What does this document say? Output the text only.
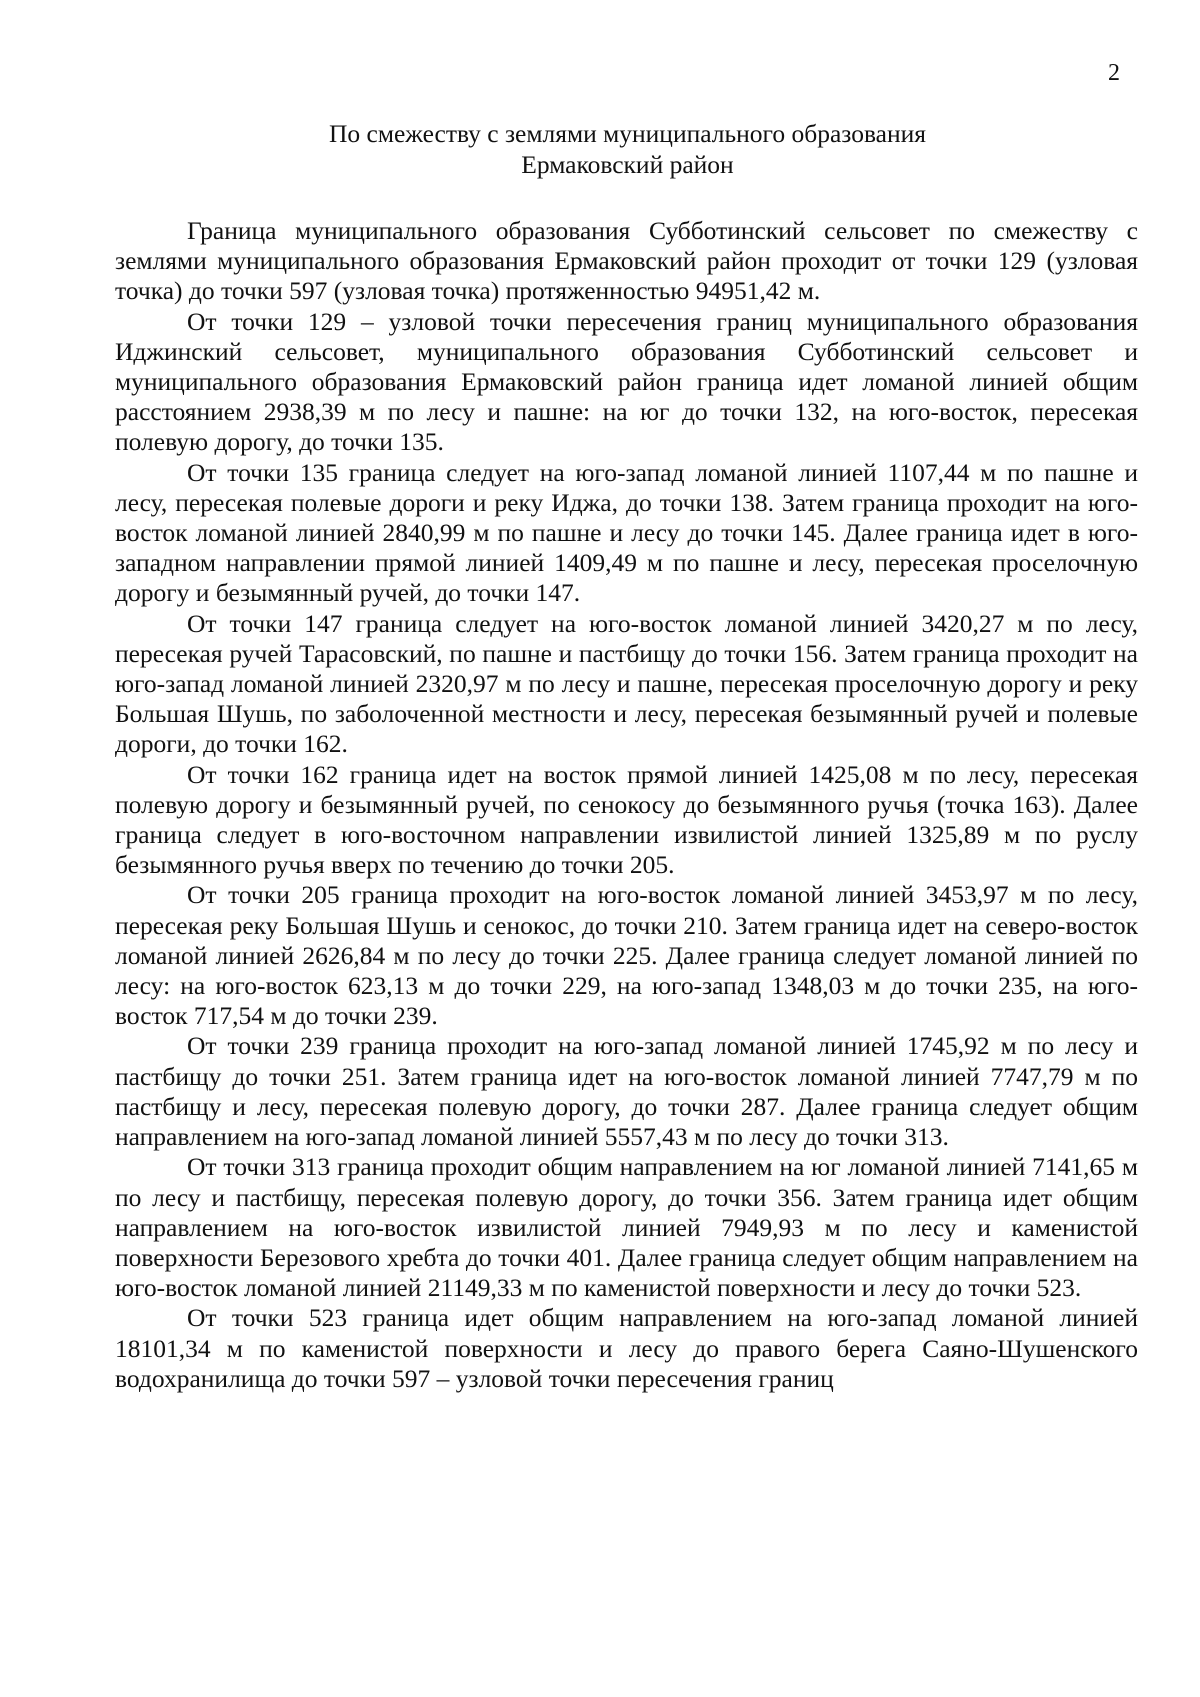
2
По смежеству с землями муниципального образования
Ермаковский район

Граница муниципального образования Субботинский сельсовет по смежеству с землями муниципального образования Ермаковский район проходит от точки 129 (узловая точка) до точки 597 (узловая точка) протяженностью 94951,42 м.

От точки 129 – узловой точки пересечения границ муниципального образования Иджинский сельсовет, муниципального образования Субботинский сельсовет и муниципального образования Ермаковский район граница идет ломаной линией общим расстоянием 2938,39 м по лесу и пашне: на юг до точки 132, на юго-восток, пересекая полевую дорогу, до точки 135.

От точки 135 граница следует на юго-запад ломаной линией 1107,44 м по пашне и лесу, пересекая полевые дороги и реку Иджа, до точки 138. Затем граница проходит на юго-восток ломаной линией 2840,99 м по пашне и лесу до точки 145. Далее граница идет в юго-западном направлении прямой линией 1409,49 м по пашне и лесу, пересекая проселочную дорогу и безымянный ручей, до точки 147.

От точки 147 граница следует на юго-восток ломаной линией 3420,27 м по лесу, пересекая ручей Тарасовский, по пашне и пастбищу до точки 156. Затем граница проходит на юго-запад ломаной линией 2320,97 м по лесу и пашне, пересекая проселочную дорогу и реку Большая Шушь, по заболоченной местности и лесу, пересекая безымянный ручей и полевые дороги, до точки 162.

От точки 162 граница идет на восток прямой линией 1425,08 м по лесу, пересекая полевую дорогу и безымянный ручей, по сенокосу до безымянного ручья (точка 163). Далее граница следует в юго-восточном направлении извилистой линией 1325,89 м по руслу безымянного ручья вверх по течению до точки 205.

От точки 205 граница проходит на юго-восток ломаной линией 3453,97 м по лесу, пересекая реку Большая Шушь и сенокос, до точки 210. Затем граница идет на северо-восток ломаной линией 2626,84 м по лесу до точки 225. Далее граница следует ломаной линией по лесу: на юго-восток 623,13 м до точки 229, на юго-запад 1348,03 м до точки 235, на юго-восток 717,54 м до точки 239.

От точки 239 граница проходит на юго-запад ломаной линией 1745,92 м по лесу и пастбищу до точки 251. Затем граница идет на юго-восток ломаной линией 7747,79 м по пастбищу и лесу, пересекая полевую дорогу, до точки 287. Далее граница следует общим направлением на юго-запад ломаной линией 5557,43 м по лесу до точки 313.

От точки 313 граница проходит общим направлением на юг ломаной линией 7141,65 м по лесу и пастбищу, пересекая полевую дорогу, до точки 356. Затем граница идет общим направлением на юго-восток извилистой линией 7949,93 м по лесу и каменистой поверхности Березового хребта до точки 401. Далее граница следует общим направлением на юго-восток ломаной линией 21149,33 м по каменистой поверхности и лесу до точки 523.

От точки 523 граница идет общим направлением на юго-запад ломаной линией 18101,34 м по каменистой поверхности и лесу до правого берега Саяно-Шушенского водохранилища до точки 597 – узловой точки пересечения границ
